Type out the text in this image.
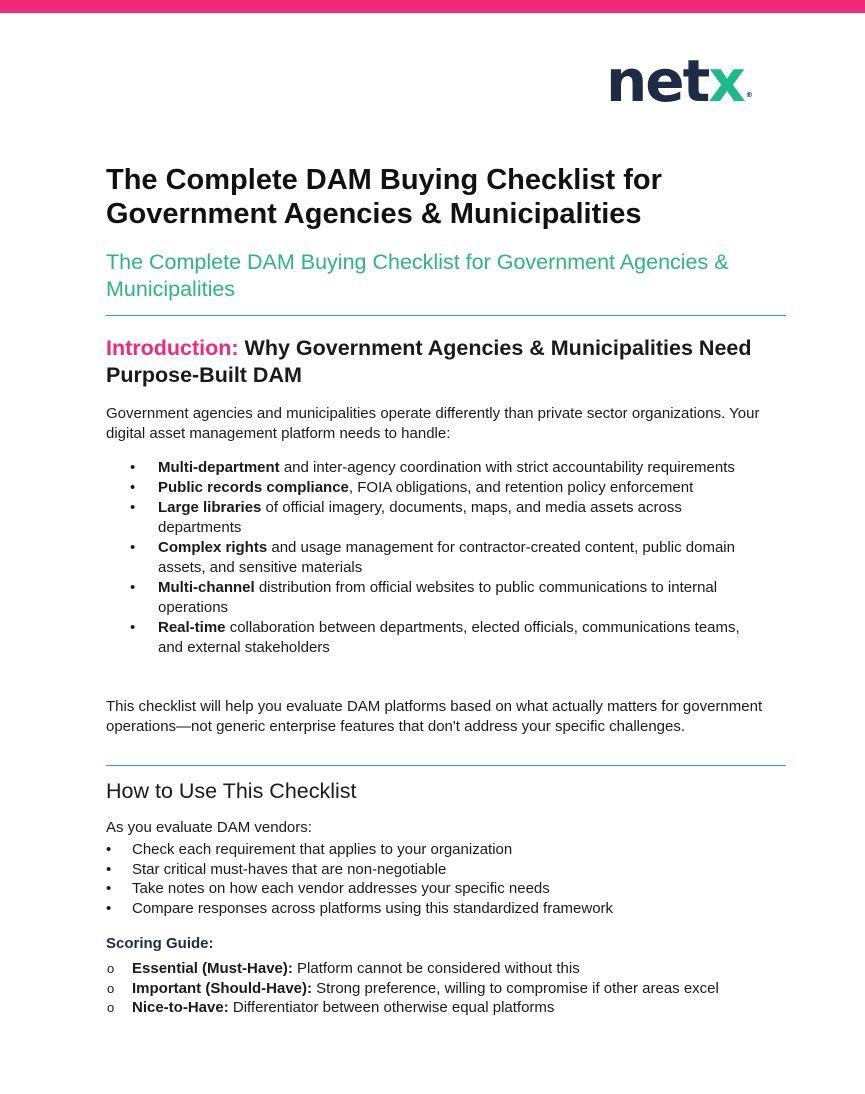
netx ®
The Complete DAM Buying Checklist for Government Agencies & Municipalities

The Complete DAM Buying Checklist for Government Agencies & Municipalities

Introduction: Why Government Agencies & Municipalities Need Purpose-Built DAM

Government agencies and municipalities operate differently than private sector organizations. Your digital asset management platform needs to handle:

• Multi-department and inter-agency coordination with strict accountability requirements
• Public records compliance, FOIA obligations, and retention policy enforcement
• Large libraries of official imagery, documents, maps, and media assets across departments
• Complex rights and usage management for contractor-created content, public domain assets, and sensitive materials
• Multi-channel distribution from official websites to public communications to internal operations
• Real-time collaboration between departments, elected officials, communications teams, and external stakeholders

This checklist will help you evaluate DAM platforms based on what actually matters for government operations—not generic enterprise features that don't address your specific challenges.

How to Use This Checklist

As you evaluate DAM vendors:

• Check each requirement that applies to your organization
• Star critical must-haves that are non-negotiable
• Take notes on how each vendor addresses your specific needs
• Compare responses across platforms using this standardized framework
Scoring Guide:
o Essential (Must-Have): Platform cannot be considered without this
o Important (Should-Have): Strong preference, willing to compromise if other areas excel
o Nice-to-Have: Differentiator between otherwise equal platforms
